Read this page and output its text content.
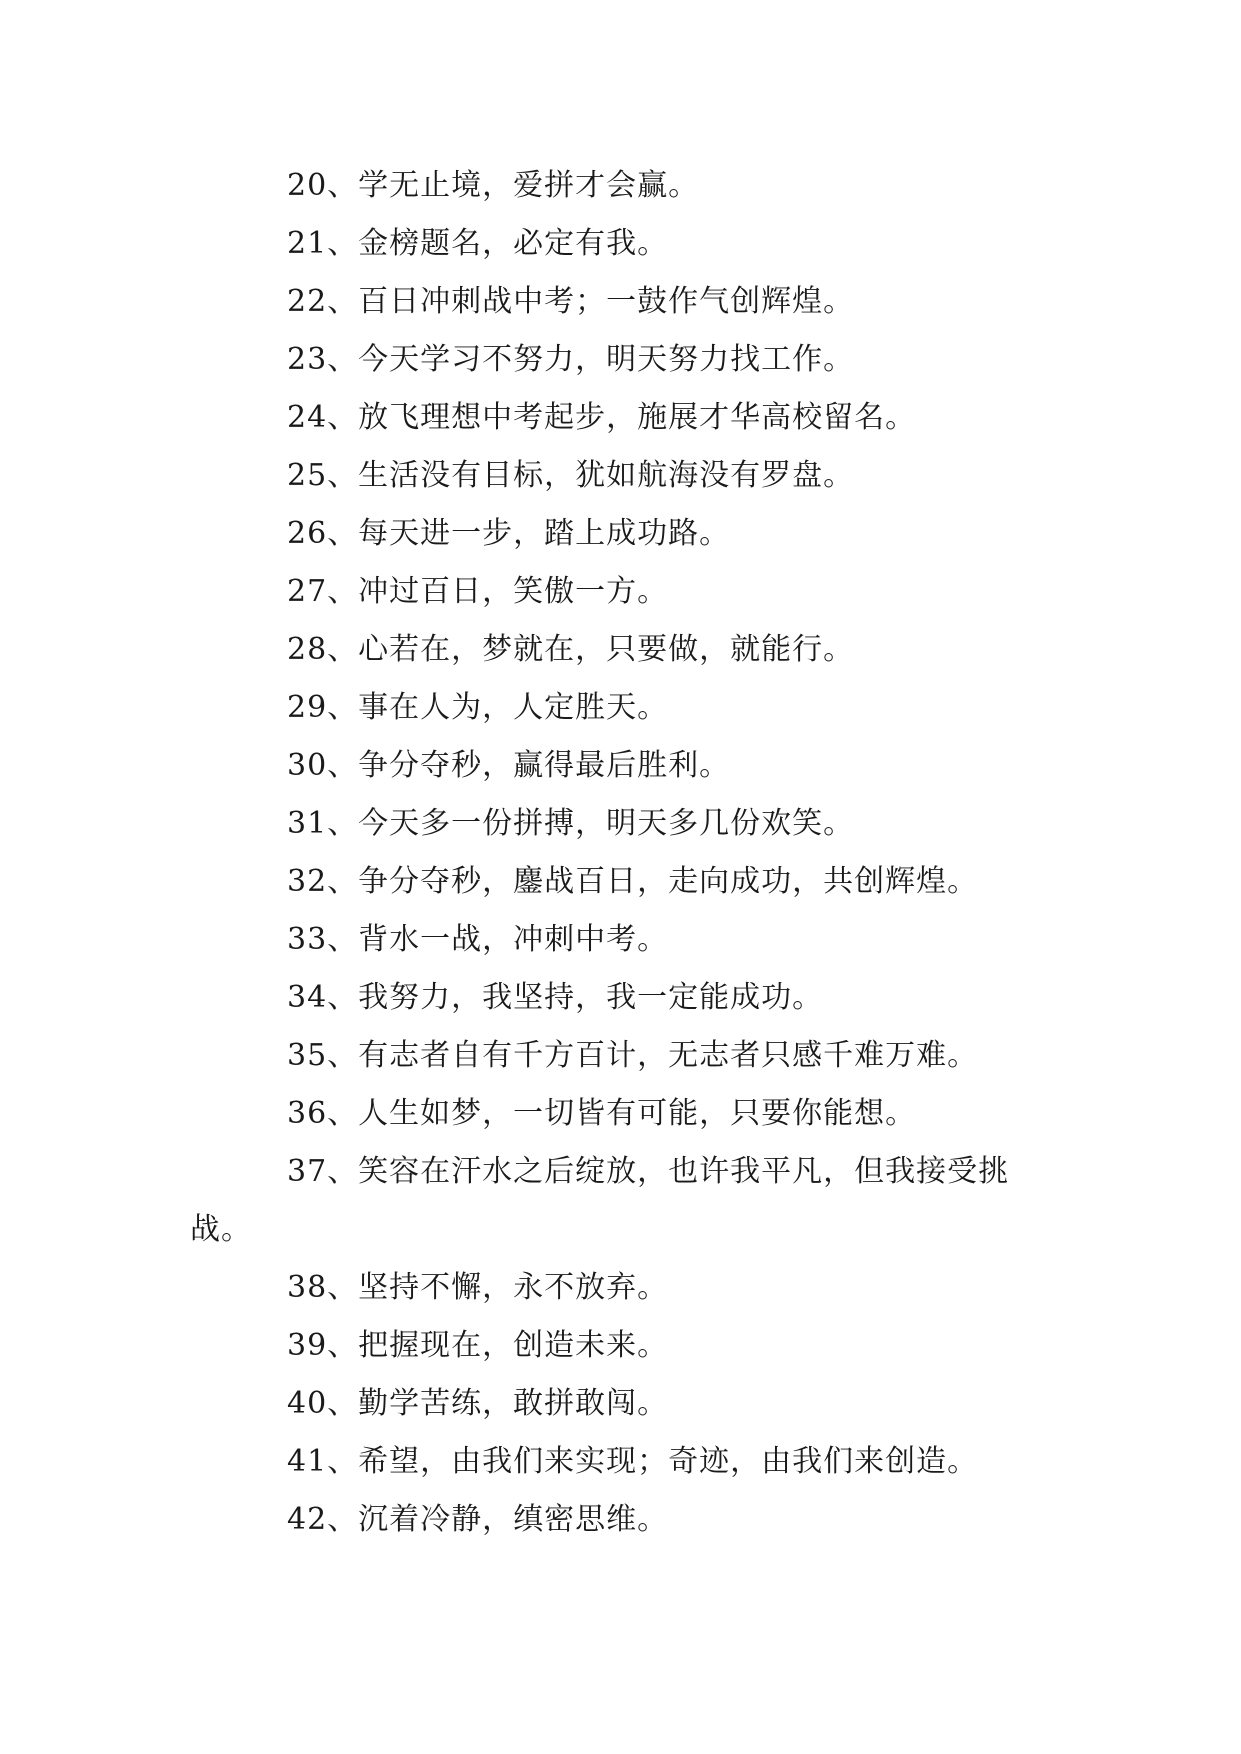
20、学无止境，爱拼才会赢。
21、金榜题名，必定有我。
22、百日冲刺战中考；一鼓作气创辉煌。
23、今天学习不努力，明天努力找工作。
24、放飞理想中考起步，施展才华高校留名。
25、生活没有目标，犹如航海没有罗盘。
26、每天进一步，踏上成功路。
27、冲过百日，笑傲一方。
28、心若在，梦就在，只要做，就能行。
29、事在人为，人定胜天。
30、争分夺秒，赢得最后胜利。
31、今天多一份拼搏，明天多几份欢笑。
32、争分夺秒，鏖战百日，走向成功，共创辉煌。
33、背水一战，冲刺中考。
34、我努力，我坚持，我一定能成功。
35、有志者自有千方百计，无志者只感千难万难。
36、人生如梦，一切皆有可能，只要你能想。
37、笑容在汗水之后绽放，也许我平凡，但我接受挑战。
38、坚持不懈，永不放弃。
39、把握现在，创造未来。
40、勤学苦练，敢拼敢闯。
41、希望，由我们来实现；奇迹，由我们来创造。
42、沉着冷静，缜密思维。
